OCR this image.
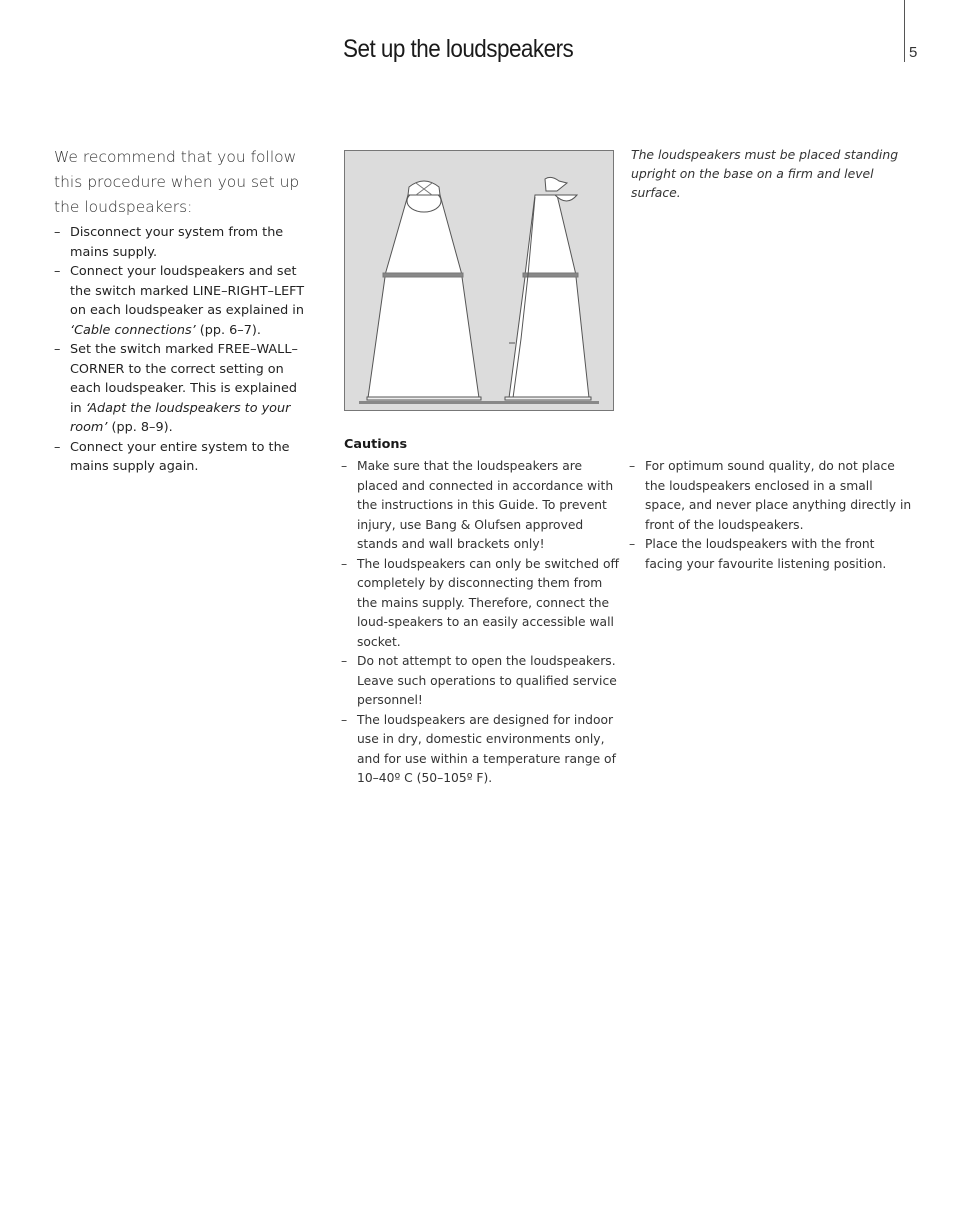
Set up the loudspeakers	5

We recommend that you follow this procedure when you set up the loudspeakers:

– Disconnect your system from the mains supply.
– Connect your loudspeakers and set the switch marked LINE–RIGHT–LEFT on each loudspeaker as explained in ‘Cable connections’ (pp. 6–7).
– Set the switch marked FREE–WALL–CORNER to the correct setting on each loudspeaker. This is explained in ‘Adapt the loudspeakers to your room’ (pp. 8–9).
– Connect your entire system to the mains supply again.

The loudspeakers must be placed standing upright on the base on a firm and level surface.

Cautions
– Make sure that the loudspeakers are placed and connected in accordance with the instructions in this Guide. To prevent injury, use Bang & Olufsen approved stands and wall brackets only!
– The loudspeakers can only be switched off completely by disconnecting them from the mains supply. Therefore, connect the loud-speakers to an easily accessible wall socket.
– Do not attempt to open the loudspeakers. Leave such operations to qualified service personnel!
– The loudspeakers are designed for indoor use in dry, domestic environments only, and for use within a temperature range of 10–40º C (50–105º F).
– For optimum sound quality, do not place the loudspeakers enclosed in a small space, and never place anything directly in front of the loudspeakers.
– Place the loudspeakers with the front facing your favourite listening position.
